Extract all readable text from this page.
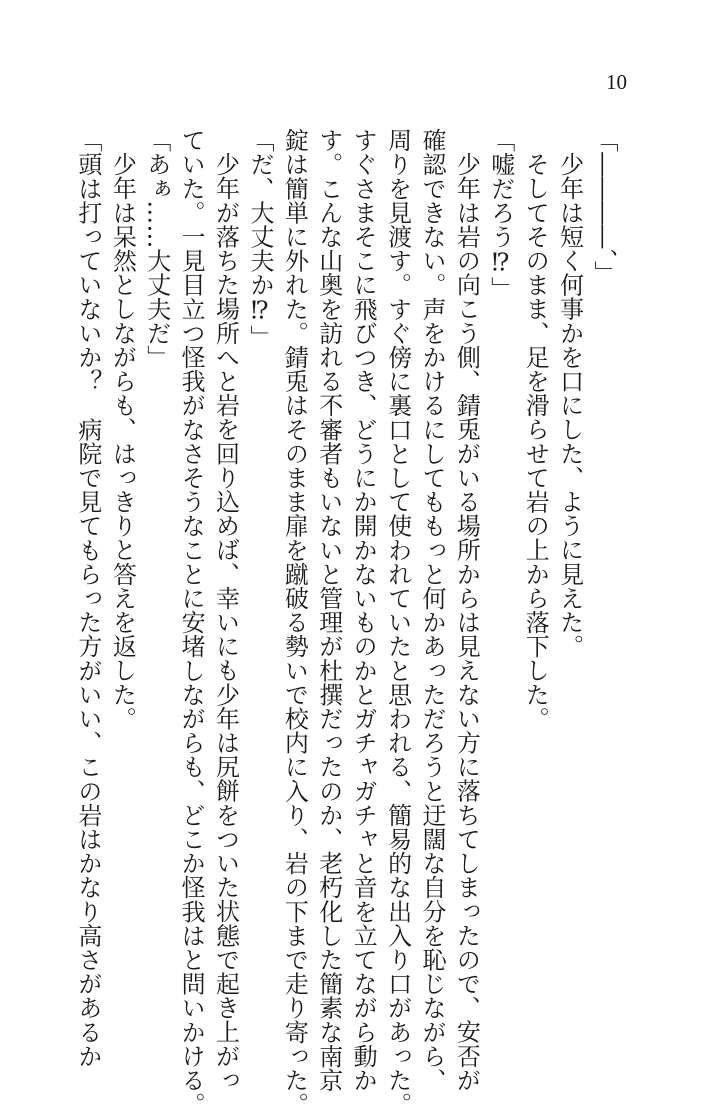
10
「――――、」
少年は短く何事かを口にした、ように見えた。
そしてそのまま、足を滑らせて岩の上から落下した。
「嘘だろう⁉︎」
少年は岩の向こう側、錆兎がいる場所からは見えない方に落ちてしまったので、安否が
確認できない。声をかけるにしてももっと何かあっただろうと迂闊な自分を恥じながら、
周りを見渡す。すぐ傍に裏口として使われていたと思われる、簡易的な出入り口があった。
すぐさまそこに飛びつき、どうにか開かないものかとガチャガチャと音を立てながら動か
す。こんな山奥を訪れる不審者もいないと管理が杜撰だったのか、老朽化した簡素な南京
錠は簡単に外れた。錆兎はそのまま扉を蹴破る勢いで校内に入り、岩の下まで走り寄った。
「だ、大丈夫か⁉︎」
少年が落ちた場所へと岩を回り込めば、幸いにも少年は尻餅をついた状態で起き上がっ
ていた。一見目立つ怪我がなさそうなことに安堵しながらも、どこか怪我はと問いかける。
「あぁ……大丈夫だ」
少年は呆然としながらも、はっきりと答えを返した。
「頭は打っていないか？　病院で見てもらった方がいい、この岩はかなり高さがあるか
